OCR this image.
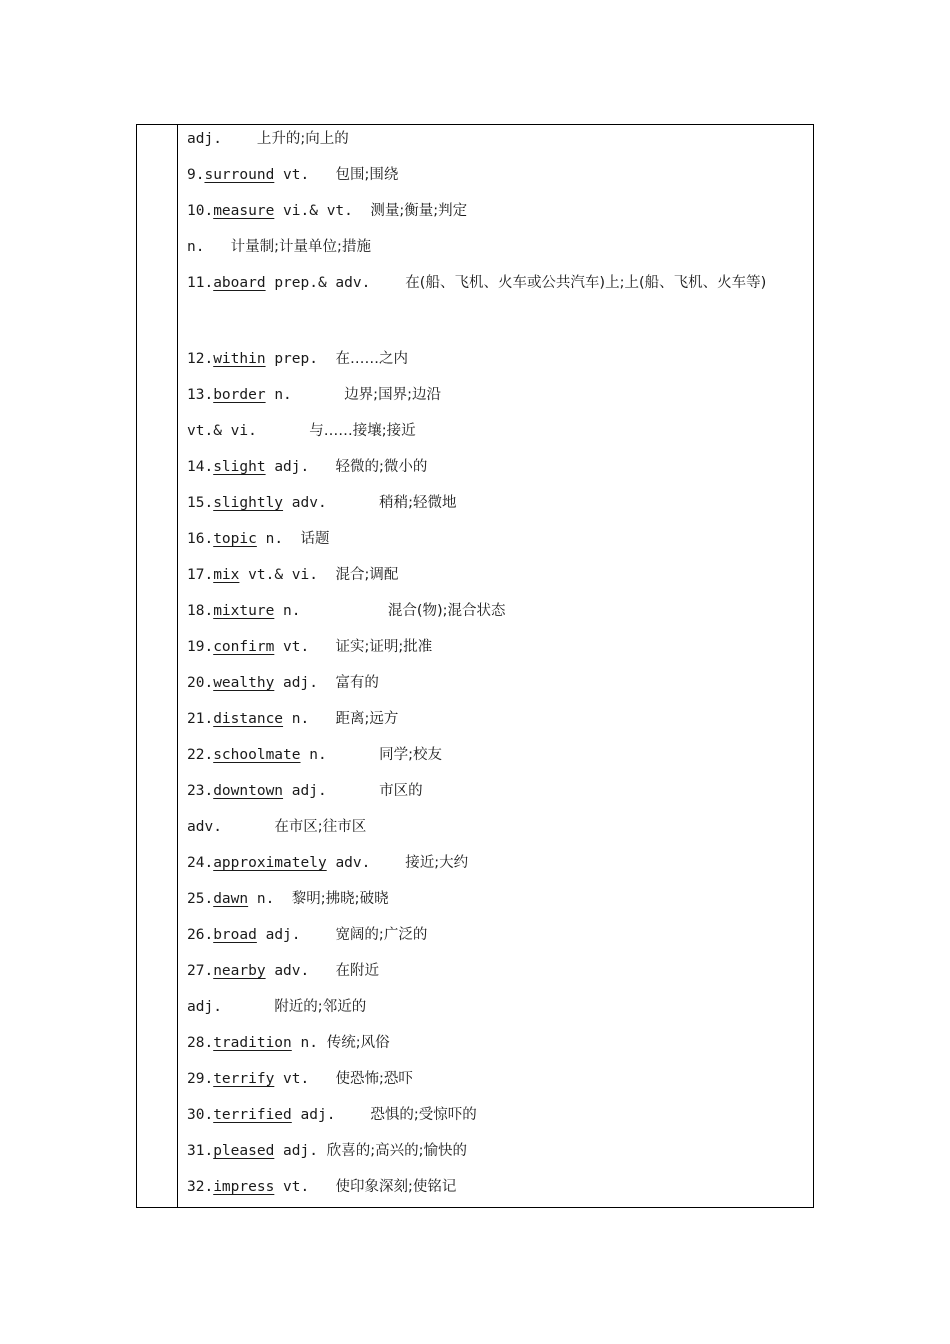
adj. 上升的;向上的
9.surround vt. 包围;围绕
10.measure vi.& vt. 测量;衡量;判定
n. 计量制;计量单位;措施
11.aboard prep.& adv. 在(船、飞机、火车或公共汽车)上;上(船、飞机、火车等)
12.within prep. 在……之内
13.border n.	边界;国界;边沿
vt.& vi.	与……接壤;接近
14.slight adj. 轻微的;微小的
15.slightly adv.	稍稍;轻微地
16.topic n. 话题
17.mix vt.& vi. 混合;调配
18.mixture n.	混合(物);混合状态
19.confirm vt. 证实;证明;批准
20.wealthy adj. 富有的
21.distance n. 距离;远方
22.schoolmate n.	同学;校友
23.downtown adj.	市区的
adv.	在市区;往市区
24.approximately adv. 接近;大约
25.dawn n. 黎明;拂晓;破晓
26.broad adj. 宽阔的;广泛的
27.nearby adv. 在附近
adj.	附近的;邻近的
28.tradition n. 传统;风俗
29.terrify vt. 使恐怖;恐吓
30.terrified adj. 恐惧的;受惊吓的
31.pleased adj. 欣喜的;高兴的;愉快的
32.impress vt. 使印象深刻;使铭记
